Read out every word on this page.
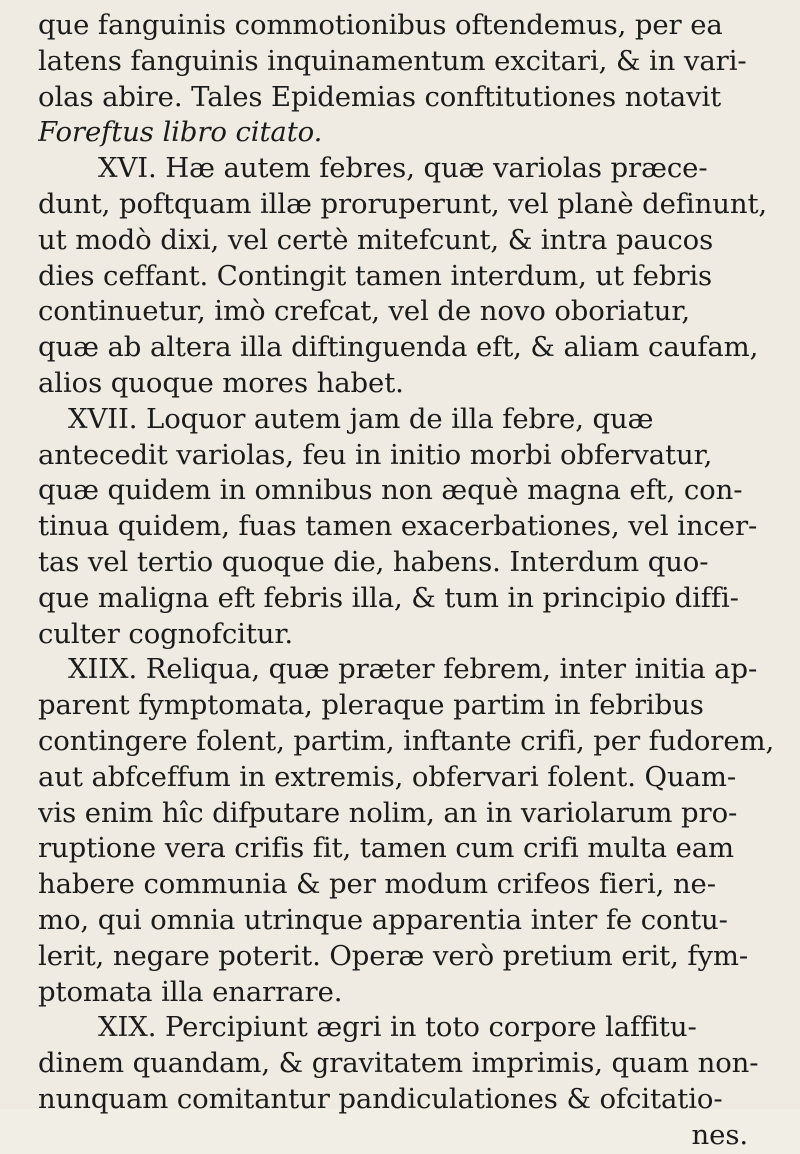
que fanguinis commotionibus oftendemus, per ea
latens fanguinis inquinamentum excitari, & in vari-
olas abire. Tales Epidemias conftitutiones notavit
Foreftus libro citato.
XVI. Hæ autem febres, quæ variolas præce-
dunt, poftquam illæ proruperunt, vel planè definunt,
ut modò dixi, vel certè mitefcunt, & intra paucos
dies ceffant. Contingit tamen interdum, ut febris
continuetur, imò crefcat, vel de novo oboriatur,
quæ ab altera illa diftinguenda eft, & aliam caufam,
alios quoque mores habet.
XVII. Loquor autem jam de illa febre, quæ
antecedit variolas, feu in initio morbi obfervatur,
quæ quidem in omnibus non æquè magna eft, con-
tinua quidem, fuas tamen exacerbationes, vel incer-
tas vel tertio quoque die, habens. Interdum quo-
que maligna eft febris illa, & tum in principio diffi-
culter cognofcitur.
XIIX. Reliqua, quæ præter febrem, inter initia ap-
parent fymptomata, pleraque partim in febribus
contingere folent, partim, inftante crifi, per fudorem,
aut abfceffum in extremis, obfervari folent. Quam-
vis enim hîc difputare nolim, an in variolarum pro-
ruptione vera crifis fit, tamen cum crifi multa eam
habere communia & per modum crifeos fieri, ne-
mo, qui omnia utrinque apparentia inter fe contu-
lerit, negare poterit. Operæ verò pretium erit, fym-
ptomata illa enarrare.
XIX. Percipiunt ægri in toto corpore laffitu-
dinem quandam, & gravitatem imprimis, quam non-
nunquam comitantur pandiculationes & ofcitatio-
nes.
